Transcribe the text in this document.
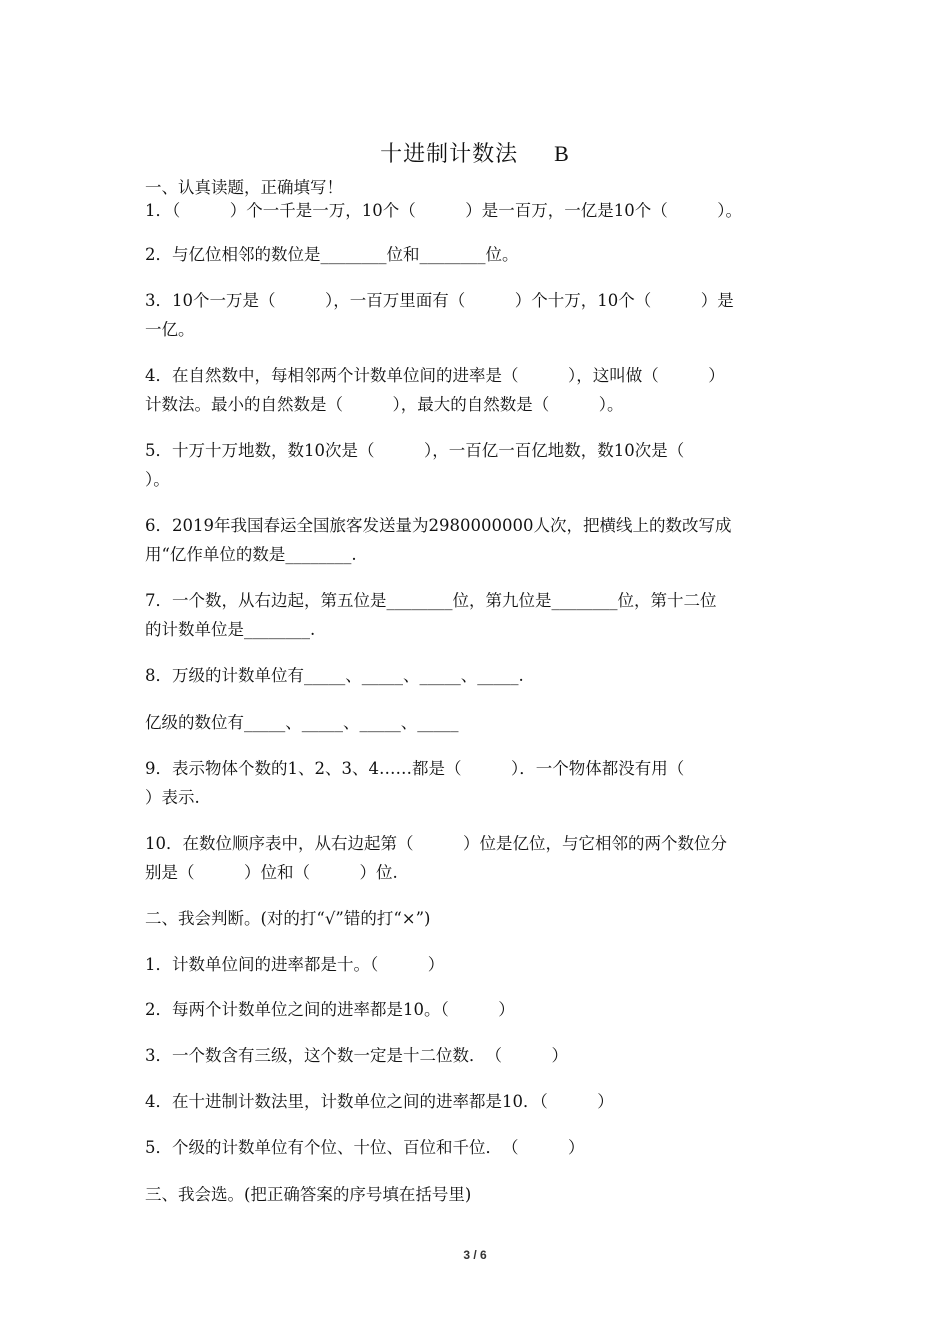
十进制计数法 B
一、认真读题，正确填写！
1．（　　　）个一千是一万，10个（　　　）是一百万，一亿是10个（　　　）。
2．与亿位相邻的数位是________位和________位。
3．10个一万是（　　　），一百万里面有（　　　）个十万，10个（　　　）是
一亿。
4．在自然数中，每相邻两个计数单位间的进率是（　　　），这叫做（　　　）
计数法。最小的自然数是（　　　），最大的自然数是（　　　）。
5．十万十万地数，数10次是（　　　），一百亿一百亿地数，数10次是（
）。
6．2019年我国春运全国旅客发送量为2980000000人次，把横线上的数改写成
用“亿作单位的数是________.
7．一个数，从右边起，第五位是________位，第九位是________位，第十二位
的计数单位是________.
8．万级的计数单位有_____、_____、_____、_____.
亿级的数位有_____、_____、_____、_____
9．表示物体个数的1、2、3、4……都是（　　　）．一个物体都没有用（
）表示.
10．在数位顺序表中，从右边起第（　　　）位是亿位，与它相邻的两个数位分
别是（　　　）位和（　　　）位.
二、我会判断。(对的打“√”错的打“×”)
1．计数单位间的进率都是十。（　　　）
2．每两个计数单位之间的进率都是10。（　　　）
3．一个数含有三级，这个数一定是十二位数．　（　　　）
4．在十进制计数法里，计数单位之间的进率都是10．（　　　）
5．个级的计数单位有个位、十位、百位和千位．　（　　　）
三、我会选。(把正确答案的序号填在括号里)
3 / 6
